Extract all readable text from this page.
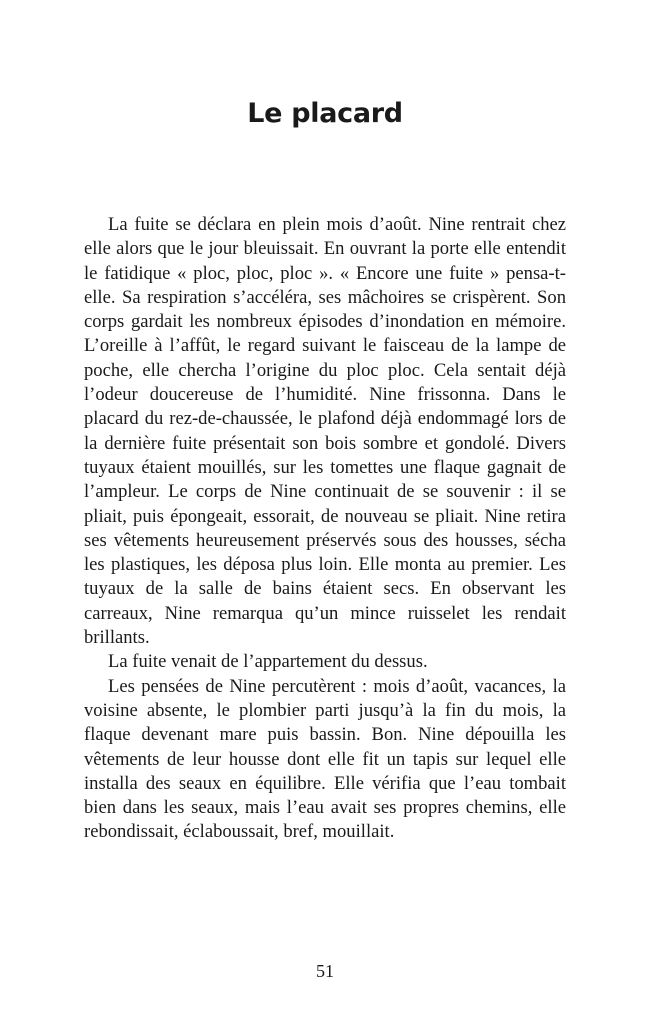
Le placard

La fuite se déclara en plein mois d’août. Nine rentrait chez elle alors que le jour bleuissait. En ouvrant la porte elle entendit le fatidique « ploc, ploc, ploc ». « Encore une fuite » pensa-t-elle. Sa respiration s’accéléra, ses mâchoires se crispèrent. Son corps gardait les nombreux épisodes d’inondation en mémoire. L’oreille à l’affût, le regard suivant le faisceau de la lampe de poche, elle chercha l’origine du ploc ploc. Cela sentait déjà l’odeur doucereuse de l’humidité. Nine frissonna. Dans le placard du rez-de-chaussée, le plafond déjà endommagé lors de la dernière fuite présentait son bois sombre et gondolé. Divers tuyaux étaient mouillés, sur les tomettes une flaque gagnait de l’ampleur. Le corps de Nine continuait de se souvenir : il se pliait, puis épongeait, essorait, de nouveau se pliait. Nine retira ses vêtements heureusement préservés sous des housses, sécha les plastiques, les déposa plus loin. Elle monta au premier. Les tuyaux de la salle de bains étaient secs. En observant les carreaux, Nine remarqua qu’un mince ruisselet les rendait brillants.

La fuite venait de l’appartement du dessus.

Les pensées de Nine percutèrent : mois d’août, vacances, la voisine absente, le plombier parti jusqu’à la fin du mois, la flaque devenant mare puis bassin. Bon. Nine dépouilla les vêtements de leur housse dont elle fit un tapis sur lequel elle installa des seaux en équilibre. Elle vérifia que l’eau tombait bien dans les seaux, mais l’eau avait ses propres chemins, elle rebondissait, éclaboussait, bref, mouillait.

51
